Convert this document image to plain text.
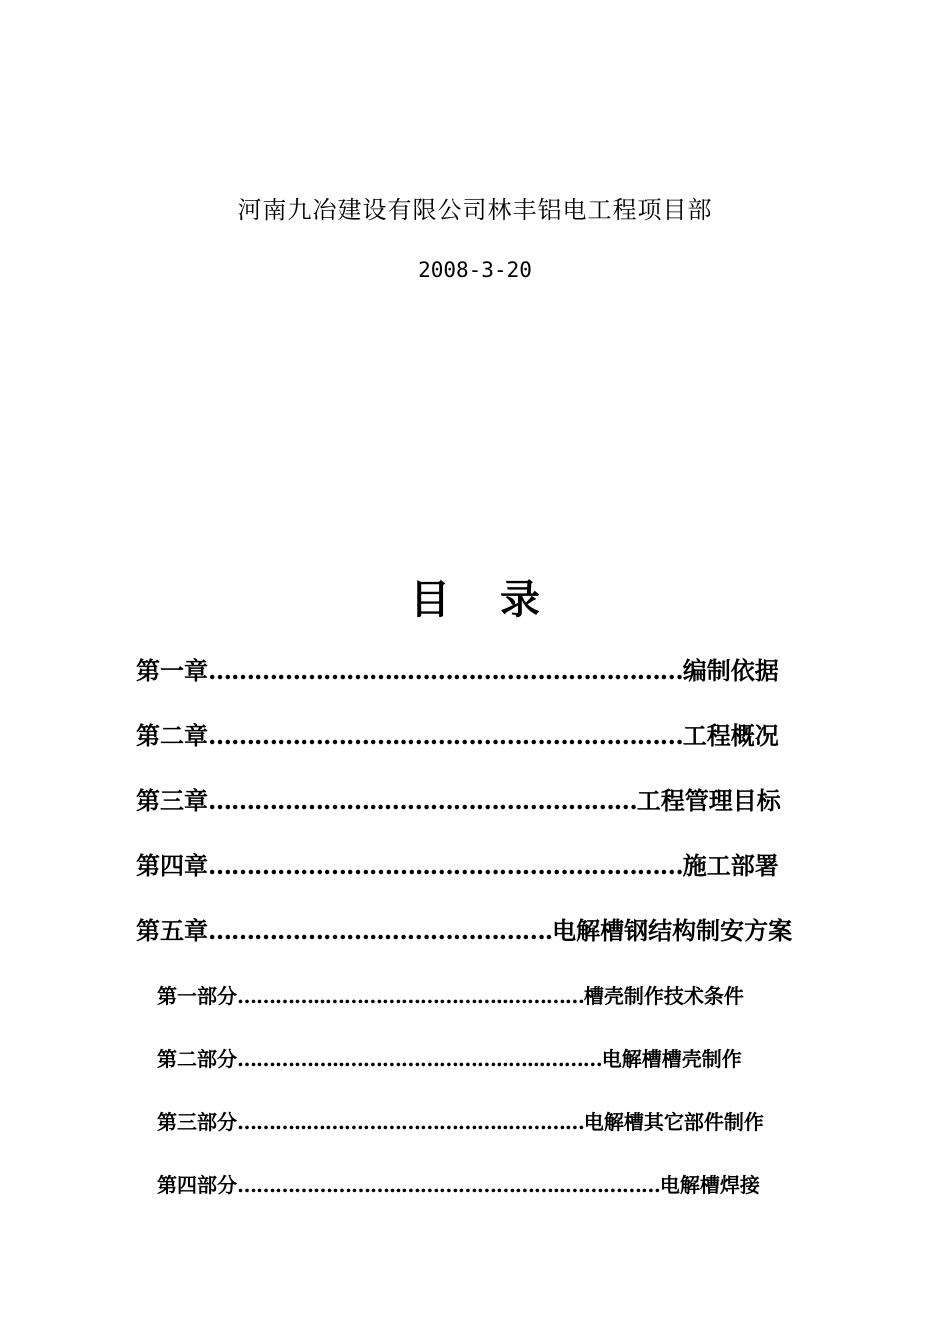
河南九冶建设有限公司林丰铝电工程项目部
2008-3-20
目录
第一章……………………..………………………………编制依据
第二章……………………..………………………………工程概况
第三章…………………..……………………………工程管理目标
第四章………………………..……………………………施工部署
第五章…………………..………………….电解槽钢结构制安方案
第一部分…………..………………………..…………槽壳制作技术条件
第二部分……………..……………………..…...………电解槽槽壳制作
第三部分………..…………………………..…………电解槽其它部件制作
第四部分……………………..……………………..……………电解槽焊接
